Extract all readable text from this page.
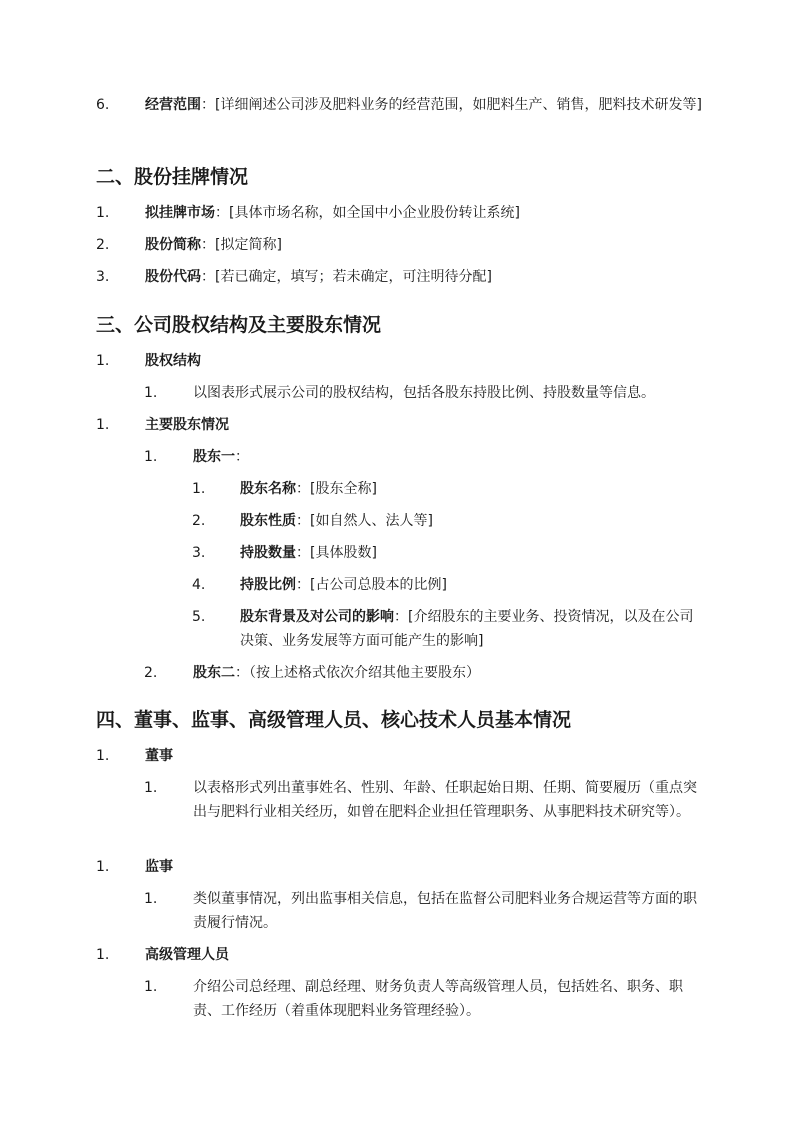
6.	经营范围：[详细阐述公司涉及肥料业务的经营范围，如肥料生产、销售，肥料技术研发等]
二、股份挂牌情况
1.	拟挂牌市场：[具体市场名称，如全国中小企业股份转让系统]
2.	股份简称：[拟定简称]
3.	股份代码：[若已确定，填写；若未确定，可注明待分配]
三、公司股权结构及主要股东情况
1.	股权结构
1.	以图表形式展示公司的股权结构，包括各股东持股比例、持股数量等信息。
1.	主要股东情况
1.	股东一：
1. 股东名称：[股东全称]
2. 股东性质：[如自然人、法人等]
3. 持股数量：[具体股数]
4. 持股比例：[占公司总股本的比例]
5. 股东背景及对公司的影响：[介绍股东的主要业务、投资情况，以及在公司决策、业务发展等方面可能产生的影响]
2.	股东二：（按上述格式依次介绍其他主要股东）
四、董事、监事、高级管理人员、核心技术人员基本情况
1.	董事
1.	以表格形式列出董事姓名、性别、年龄、任职起始日期、任期、简要履历（重点突出与肥料行业相关经历，如曾在肥料企业担任管理职务、从事肥料技术研究等）。
1.	监事
1.	类似董事情况，列出监事相关信息，包括在监督公司肥料业务合规运营等方面的职责履行情况。
1.	高级管理人员
1.	介绍公司总经理、副总经理、财务负责人等高级管理人员，包括姓名、职务、职责、工作经历（着重体现肥料业务管理经验）。
